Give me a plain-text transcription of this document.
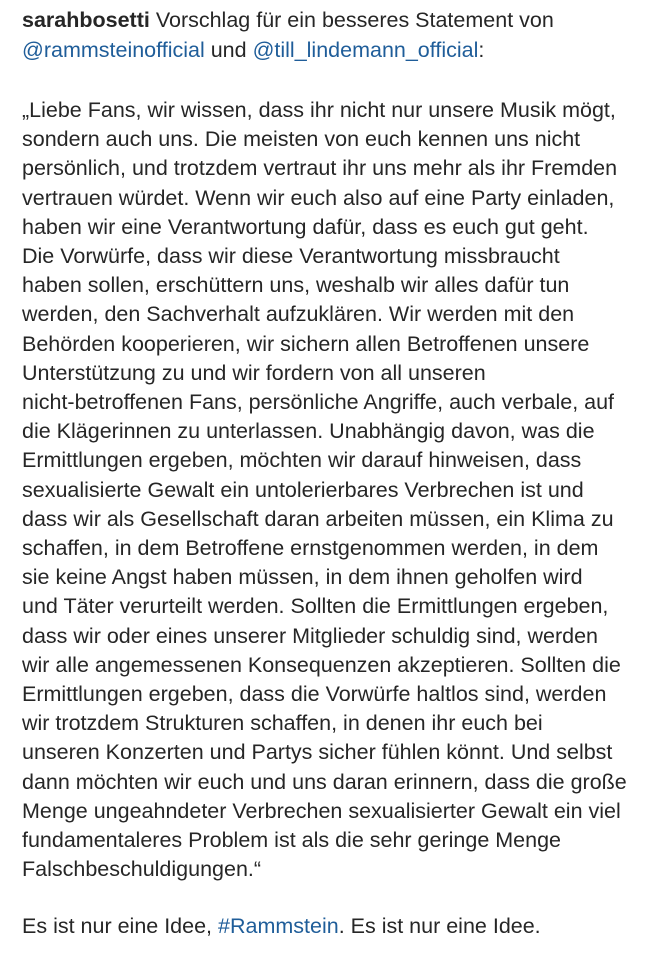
sarahbosetti Vorschlag für ein besseres Statement von
@rammsteinofficial und @till_lindemann_official:

„Liebe Fans, wir wissen, dass ihr nicht nur unsere Musik mögt,
sondern auch uns. Die meisten von euch kennen uns nicht
persönlich, und trotzdem vertraut ihr uns mehr als ihr Fremden
vertrauen würdet. Wenn wir euch also auf eine Party einladen,
haben wir eine Verantwortung dafür, dass es euch gut geht.
Die Vorwürfe, dass wir diese Verantwortung missbraucht
haben sollen, erschüttern uns, weshalb wir alles dafür tun
werden, den Sachverhalt aufzuklären. Wir werden mit den
Behörden kooperieren, wir sichern allen Betroffenen unsere
Unterstützung zu und wir fordern von all unseren
nicht-betroffenen Fans, persönliche Angriffe, auch verbale, auf
die Klägerinnen zu unterlassen. Unabhängig davon, was die
Ermittlungen ergeben, möchten wir darauf hinweisen, dass
sexualisierte Gewalt ein untolerierbares Verbrechen ist und
dass wir als Gesellschaft daran arbeiten müssen, ein Klima zu
schaffen, in dem Betroffene ernstgenommen werden, in dem
sie keine Angst haben müssen, in dem ihnen geholfen wird
und Täter verurteilt werden. Sollten die Ermittlungen ergeben,
dass wir oder eines unserer Mitglieder schuldig sind, werden
wir alle angemessenen Konsequenzen akzeptieren. Sollten die
Ermittlungen ergeben, dass die Vorwürfe haltlos sind, werden
wir trotzdem Strukturen schaffen, in denen ihr euch bei
unseren Konzerten und Partys sicher fühlen könnt. Und selbst
dann möchten wir euch und uns daran erinnern, dass die große
Menge ungeahndeter Verbrechen sexualisierter Gewalt ein viel
fundamentaleres Problem ist als die sehr geringe Menge
Falschbeschuldigungen.“

Es ist nur eine Idee, #Rammstein. Es ist nur eine Idee.
